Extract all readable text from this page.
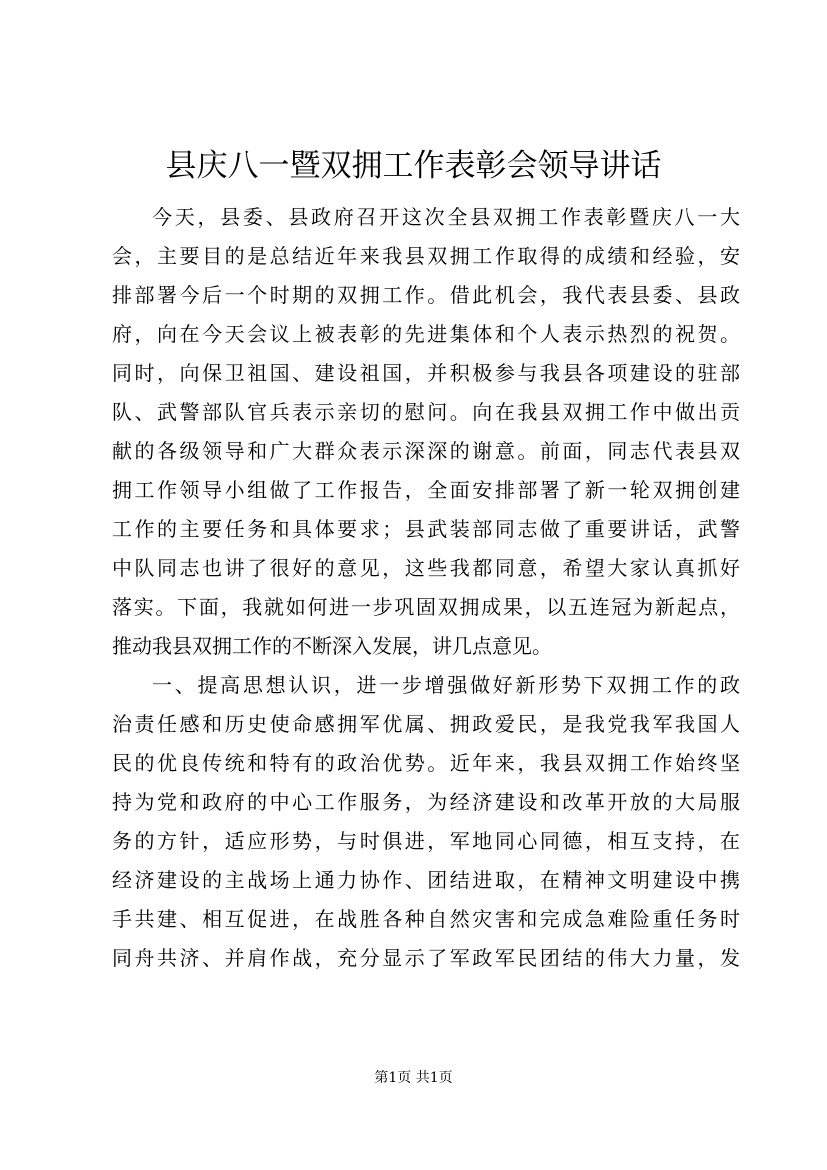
县庆八一暨双拥工作表彰会领导讲话
今天，县委、县政府召开这次全县双拥工作表彰暨庆八一大
会，主要目的是总结近年来我县双拥工作取得的成绩和经验，安
排部署今后一个时期的双拥工作。借此机会，我代表县委、县政
府，向在今天会议上被表彰的先进集体和个人表示热烈的祝贺。
同时，向保卫祖国、建设祖国，并积极参与我县各项建设的驻部
队、武警部队官兵表示亲切的慰问。向在我县双拥工作中做出贡
献的各级领导和广大群众表示深深的谢意。前面，同志代表县双
拥工作领导小组做了工作报告，全面安排部署了新一轮双拥创建
工作的主要任务和具体要求；县武装部同志做了重要讲话，武警
中队同志也讲了很好的意见，这些我都同意，希望大家认真抓好
落实。下面，我就如何进一步巩固双拥成果，以五连冠为新起点，
推动我县双拥工作的不断深入发展，讲几点意见。
一、提高思想认识，进一步增强做好新形势下双拥工作的政
治责任感和历史使命感拥军优属、拥政爱民，是我党我军我国人
民的优良传统和特有的政治优势。近年来，我县双拥工作始终坚
持为党和政府的中心工作服务，为经济建设和改革开放的大局服
务的方针，适应形势，与时俱进，军地同心同德，相互支持，在
经济建设的主战场上通力协作、团结进取，在精神文明建设中携
手共建、相互促进，在战胜各种自然灾害和完成急难险重任务时
同舟共济、并肩作战，充分显示了军政军民团结的伟大力量，发
第1页 共1页
